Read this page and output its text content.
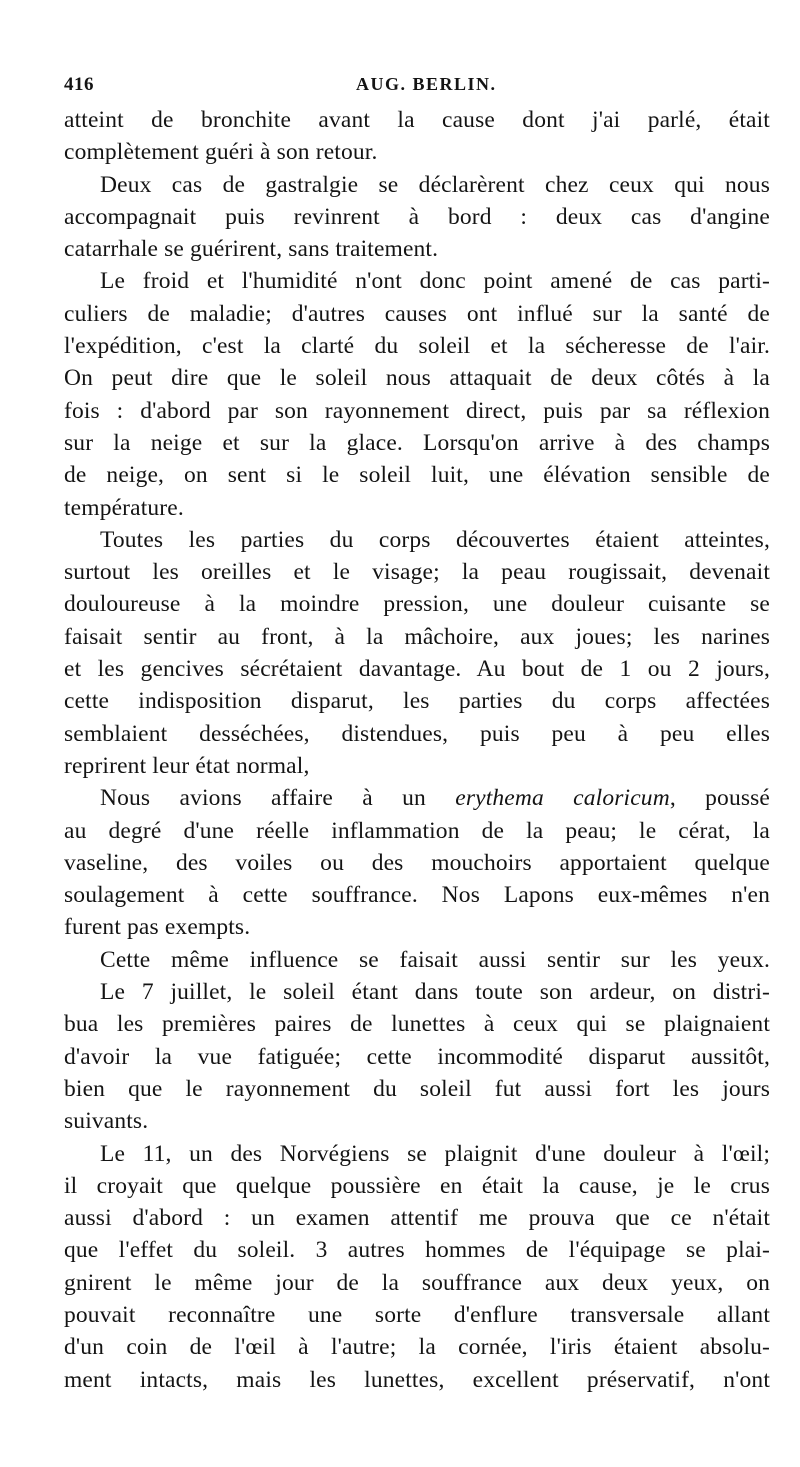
416	AUG. BERLIN.
atteint de bronchite avant la cause dont j'ai parlé, était
complètement guéri à son retour.
Deux cas de gastralgie se déclarèrent chez ceux qui nous
accompagnait puis revinrent à bord : deux cas d'angine
catarrhale se guérirent, sans traitement.
Le froid et l'humidité n'ont donc point amené de cas parti-
culiers de maladie; d'autres causes ont influé sur la santé de
l'expédition, c'est la clarté du soleil et la sécheresse de l'air.
On peut dire que le soleil nous attaquait de deux côtés à la
fois : d'abord par son rayonnement direct, puis par sa réflexion
sur la neige et sur la glace. Lorsqu'on arrive à des champs
de neige, on sent si le soleil luit, une élévation sensible de
température.
Toutes les parties du corps découvertes étaient atteintes,
surtout les oreilles et le visage; la peau rougissait, devenait
douloureuse à la moindre pression, une douleur cuisante se
faisait sentir au front, à la mâchoire, aux joues; les narines
et les gencives sécrétaient davantage. Au bout de 1 ou 2 jours,
cette indisposition disparut, les parties du corps affectées
semblaient desséchées, distendues, puis peu à peu elles
reprirent leur état normal,
Nous avions affaire à un erythema caloricum, poussé
au degré d'une réelle inflammation de la peau; le cérat, la
vaseline, des voiles ou des mouchoirs apportaient quelque
soulagement à cette souffrance. Nos Lapons eux-mêmes n'en
furent pas exempts.
Cette même influence se faisait aussi sentir sur les yeux.
Le 7 juillet, le soleil étant dans toute son ardeur, on distri-
bua les premières paires de lunettes à ceux qui se plaignaient
d'avoir la vue fatiguée; cette incommodité disparut aussitôt,
bien que le rayonnement du soleil fut aussi fort les jours
suivants.
Le 11, un des Norvégiens se plaignit d'une douleur à l'œil;
il croyait que quelque poussière en était la cause, je le crus
aussi d'abord : un examen attentif me prouva que ce n'était
que l'effet du soleil. 3 autres hommes de l'équipage se plai-
gnirent le même jour de la souffrance aux deux yeux, on
pouvait reconnaître une sorte d'enflure transversale allant
d'un coin de l'œil à l'autre; la cornée, l'iris étaient absolu-
ment intacts, mais les lunettes, excellent préservatif, n'ont
